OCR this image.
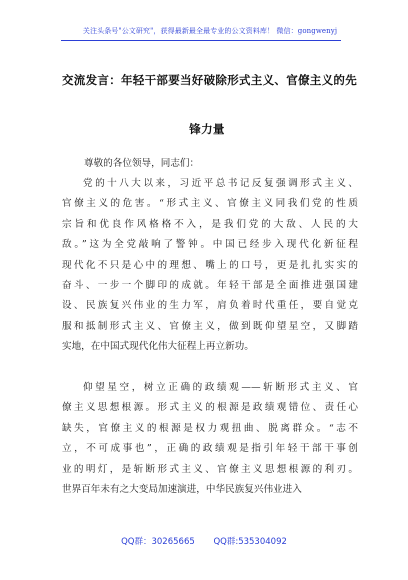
关注头条号"公文研究"，获得最新最全最专业的公文资料库！ 微信：gongwenyj
交流发言：年轻干部要当好破除形式主义、官僚主义的先
锋力量
尊敬的各位领导，同志们：
党的十八大以来，习近平总书记反复强调形式主义、
官僚主义的危害。“形式主义、官僚主义同我们党的性质
宗旨和优良作风格格不入，是我们党的大敌、人民的大
敌。”这为全党敲响了警钟。中国已经步入现代化新征程
现代化不只是心中的理想、嘴上的口号，更是扎扎实实的
奋斗、一步一个脚印的成就。年轻干部是全面推进强国建
设、民族复兴伟业的生力军，肩负着时代重任，要自觉克
服和抵制形式主义、官僚主义，做到既仰望星空，又脚踏
实地，在中国式现代化伟大征程上再立新功。
仰望星空，树立正确的政绩观——斩断形式主义、官
僚主义思想根源。形式主义的根源是政绩观错位、责任心
缺失，官僚主义的根源是权力观扭曲、脱离群众。“志不
立，不可成事也”，正确的政绩观是指引年轻干部干事创
业的明灯，是斩断形式主义、官僚主义思想根源的利刃。
世界百年未有之大变局加速演进，中华民族复兴伟业进入
QQ群：30265665 QQ群:535304092
